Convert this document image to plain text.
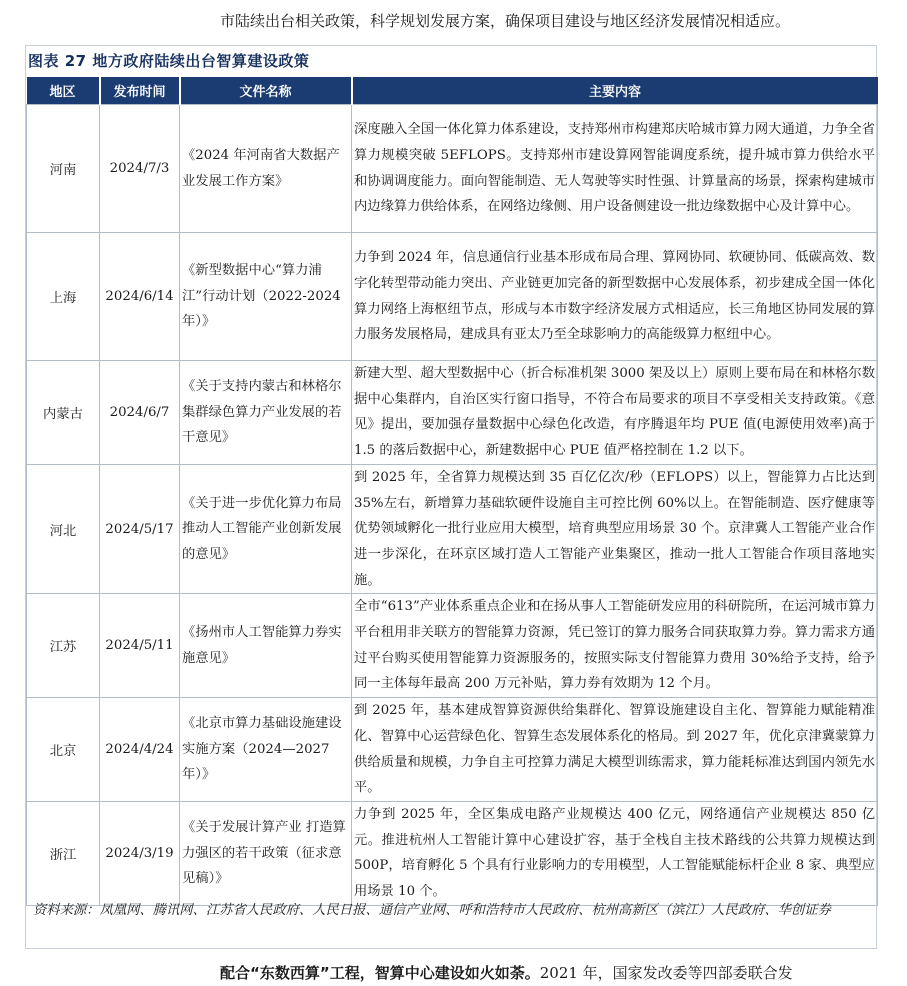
市陆续出台相关政策，科学规划发展方案，确保项目建设与地区经济发展情况相适应。
图表 27 地方政府陆续出台智算建设政策
地区	发布时间	文件名称	主要内容
河南	2024/7/3	《2024 年河南省大数据产业发展工作方案》	深度融入全国一体化算力体系建设，支持郑州市构建郑庆哈城市算力网大通道，力争全省算力规模突破 5EFLOPS。支持郑州市建设算网智能调度系统，提升城市算力供给水平和协调调度能力。面向智能制造、无人驾驶等实时性强、计算量高的场景，探索构建城市内边缘算力供给体系，在网络边缘侧、用户设备侧建设一批边缘数据中心及计算中心。
上海	2024/6/14	《新型数据中心“算力浦江”行动计划（2022-2024 年）》	力争到 2024 年，信息通信行业基本形成布局合理、算网协同、软硬协同、低碳高效、数字化转型带动能力突出、产业链更加完备的新型数据中心发展体系，初步建成全国一体化算力网络上海枢纽节点，形成与本市数字经济发展方式相适应，长三角地区协同发展的算力服务发展格局，建成具有亚太乃至全球影响力的高能级算力枢纽中心。
内蒙古	2024/6/7	《关于支持内蒙古和林格尔集群绿色算力产业发展的若干意见》	新建大型、超大型数据中心（折合标准机架 3000 架及以上）原则上要布局在和林格尔数据中心集群内，自治区实行窗口指导，不符合布局要求的项目不享受相关支持政策。《意见》提出，要加强存量数据中心绿色化改造，有序腾退年均 PUE 值(电源使用效率)高于 1.5 的落后数据中心，新建数据中心 PUE 值严格控制在 1.2 以下。
河北	2024/5/17	《关于进一步优化算力布局推动人工智能产业创新发展的意见》	到 2025 年，全省算力规模达到 35 百亿亿次/秒（EFLOPS）以上，智能算力占比达到 35%左右，新增算力基础软硬件设施自主可控比例 60%以上。在智能制造、医疗健康等优势领域孵化一批行业应用大模型，培育典型应用场景 30 个。京津冀人工智能产业合作进一步深化，在环京区域打造人工智能产业集聚区，推动一批人工智能合作项目落地实施。
江苏	2024/5/11	《扬州市人工智能算力券实施意见》	全市“613”产业体系重点企业和在扬从事人工智能研发应用的科研院所，在运河城市算力平台租用非关联方的智能算力资源，凭已签订的算力服务合同获取算力券。算力需求方通过平台购买使用智能算力资源服务的，按照实际支付智能算力费用 30%给予支持，给予同一主体每年最高 200 万元补贴，算力券有效期为 12 个月。
北京	2024/4/24	《北京市算力基础设施建设实施方案（2024—2027 年）》	到 2025 年，基本建成智算资源供给集群化、智算设施建设自主化、智算能力赋能精准化、智算中心运营绿色化、智算生态发展体系化的格局。到 2027 年，优化京津冀蒙算力供给质量和规模，力争自主可控算力满足大模型训练需求，算力能耗标准达到国内领先水平。
浙江	2024/3/19	《关于发展计算产业 打造算力强区的若干政策（征求意见稿）》	力争到 2025 年，全区集成电路产业规模达 400 亿元，网络通信产业规模达 850 亿元。推进杭州人工智能计算中心建设扩容，基于全栈自主技术路线的公共算力规模达到 500P，培育孵化 5 个具有行业影响力的专用模型，人工智能赋能标杆企业 8 家、典型应用场景 10 个。
资料来源：凤凰网、腾讯网、江苏省人民政府、人民日报、通信产业网、呼和浩特市人民政府、杭州高新区（滨江）人民政府、华创证券
配合“东数西算”工程，智算中心建设如火如荼。2021 年，国家发改委等四部委联合发
